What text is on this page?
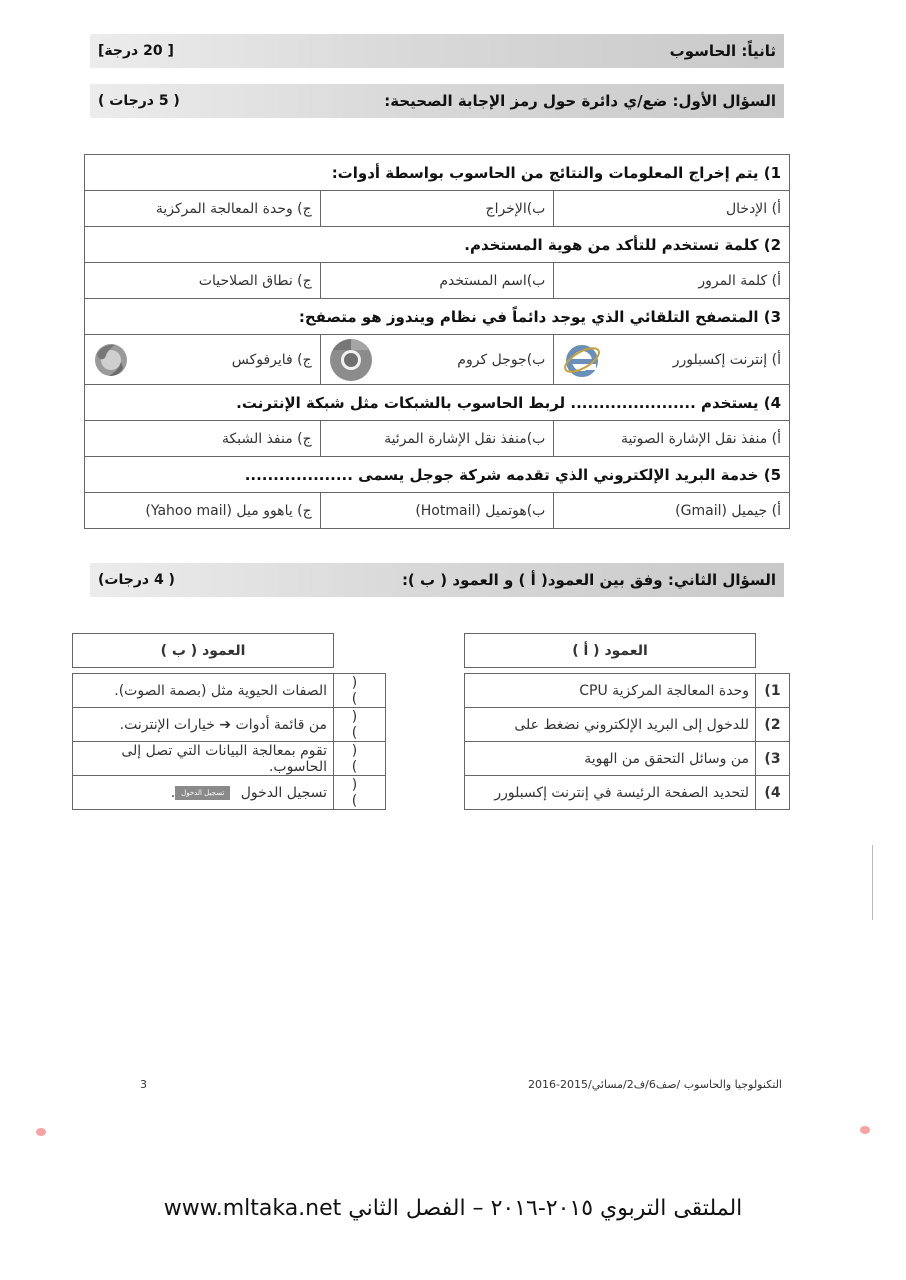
ثانياً: الحاسوب
[ 20 درجة]
السؤال الأول: ضع/ي دائرة حول رمز الإجابة الصحيحة:
( 5 درجات )
1) يتم إخراج المعلومات والنتائج من الحاسوب بواسطة أدوات:		
أ) الإدخال	ب)الإخراج	ج) وحدة المعالجة المركزية
2) كلمة تستخدم للتأكد من هوية المستخدم.		
أ) كلمة المرور	ب)اسم المستخدم	ج) نطاق الصلاحيات
3) المتصفح التلقائي الذي يوجد دائماً في نظام ويندوز هو متصفح:		

أ) إنترنت إكسبلورر	ب)جوجل كروم	ج) فايرفوكس

4) يستخدم ...................... لربط الحاسوب بالشبكات مثل شبكة الإنترنت.		
أ) منفذ نقل الإشارة الصوتية	ب)منفذ نقل الإشارة المرئية	ج) منفذ الشبكة
5) خدمة البريد الإلكتروني الذي تقدمه شركة جوجل يسمى ...................		
أ) جيميل (Gmail)	ب)هوتميل (Hotmail)	ج) ياهوو ميل (Yahoo mail)
السؤال الثاني: وفق بين العمود( أ ) و العمود ( ب ):
( 4 درجات)
	العمود ( أ )

1)	وحدة المعالجة المركزية CPU
2)	للدخول إلى البريد الإلكتروني نضغط على
3)	من وسائل التحقق من الهوية
4)	لتحديد الصفحة الرئيسة في إنترنت إكسبلورر
	العمود ( ب )

( )	الصفات الحيوية مثل (بصمة الصوت).
( )	من قائمة أدوات ➔ خيارات الإنترنت.
( )	تقوم بمعالجة البيانات التي تصل إلى الحاسوب.
( )	تسجيل الدخول تسجيل الدخول.
التكنولوجيا والحاسوب /صف6/ف2/مسائي/2015-2016
3
الملتقى التربوي ٢٠١٥-٢٠١٦ – الفصل الثاني www.mltaka.net
